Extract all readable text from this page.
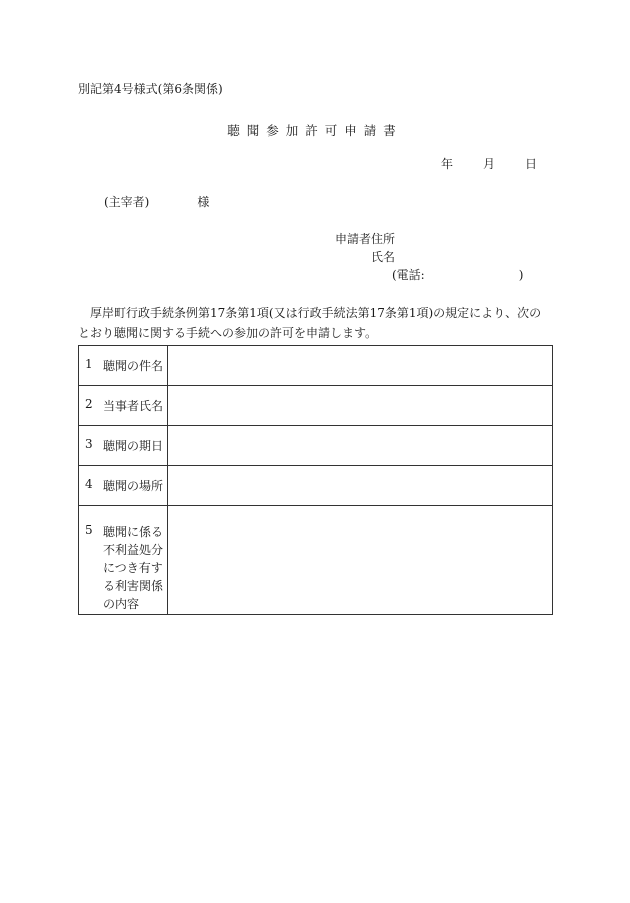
別記第4号様式(第6条関係)
聴聞参加許可申請書
年	月	日
(主宰者)	様
申請者住所
氏名
(電話:	)
厚岸町行政手続条例第17条第1項(又は行政手続法第17条第1項)の規定により、次のとおり聴聞に関する手続への参加の許可を申請します。
1 聴聞の件名	

2 当事者氏名	

3 聴聞の期日	

4 聴聞の場所	

5 聴聞に係る不利益処分につき有する利害関係の内容	
